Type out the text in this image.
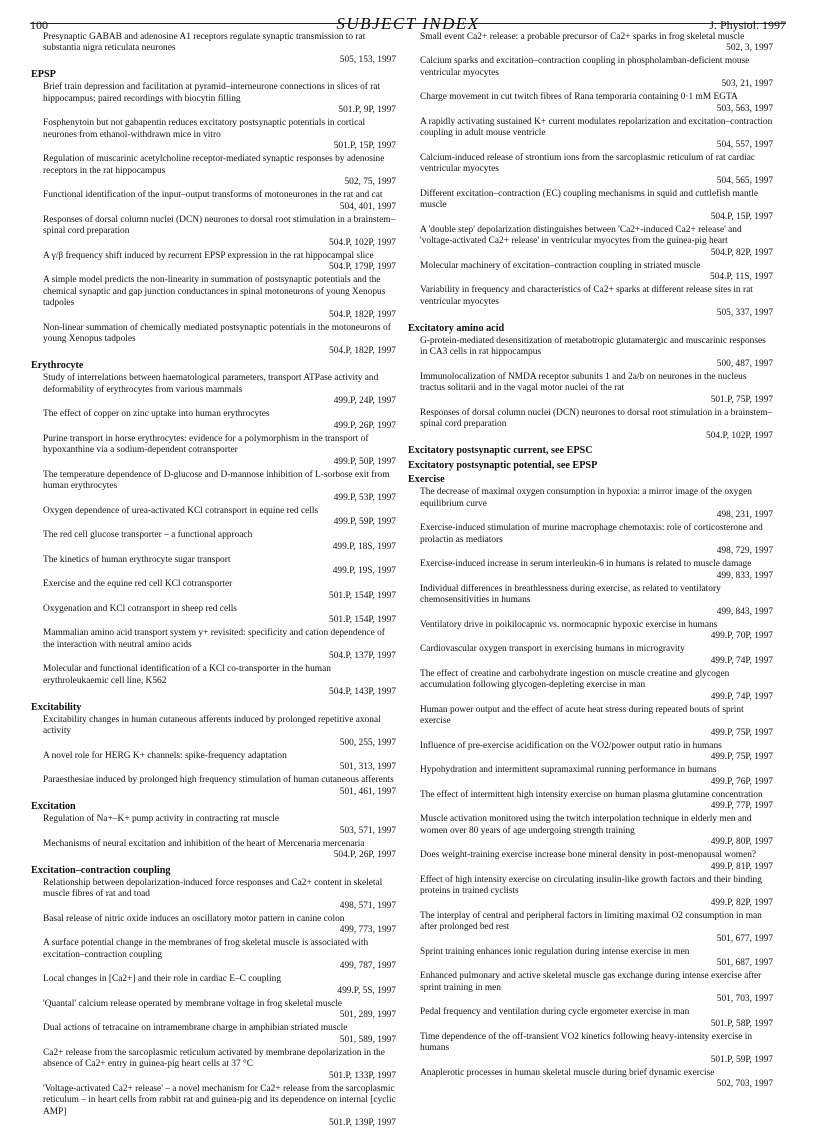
100	SUBJECT INDEX	J. Physiol. 1997
Presynaptic GABAB and adenosine A1 receptors regulate synaptic transmission to rat substantia nigra reticulata neurones
505, 153, 1997
EPSP
Brief train depression and facilitation at pyramid–interneurone connections in slices of rat hippocampus; paired recordings with biocytin filling
501.P, 9P, 1997
Fosphenytoin but not gabapentin reduces excitatory postsynaptic potentials in cortical neurones from ethanol-withdrawn mice in vitro
501.P, 15P, 1997
Regulation of muscarinic acetylcholine receptor-mediated synaptic responses by adenosine receptors in the rat hippocampus
502, 75, 1997
Functional identification of the input–output transforms of motoneurones in the rat and cat
504, 401, 1997
Responses of dorsal column nuclei (DCN) neurones to dorsal root stimulation in a brainstem–spinal cord preparation
504.P, 102P, 1997
A γ/β frequency shift induced by recurrent EPSP expression in the rat hippocampal slice
504.P, 179P, 1997
A simple model predicts the non-linearity in summation of postsynaptic potentials and the chemical synaptic and gap junction conductances in spinal motoneurons of young Xenopus tadpoles
504.P, 182P, 1997
Non-linear summation of chemically mediated postsynaptic potentials in the motoneurons of young Xenopus tadpoles
504.P, 182P, 1997
Erythrocyte
Study of interrelations between haematological parameters, transport ATPase activity and deformability of erythrocytes from various mammals
499.P, 24P, 1997
The effect of copper on zinc uptake into human erythrocytes
499.P, 26P, 1997
Purine transport in horse erythrocytes: evidence for a polymorphism in the transport of hypoxanthine via a sodium-dependent cotransporter
499.P, 50P, 1997
The temperature dependence of D-glucose and D-mannose inhibition of L-sorbose exit from human erythrocytes
499.P, 53P, 1997
Oxygen dependence of urea-activated KCl cotransport in equine red cells
499.P, 59P, 1997
The red cell glucose transporter – a functional approach
499.P, 18S, 1997
The kinetics of human erythrocyte sugar transport
499.P, 19S, 1997
Exercise and the equine red cell KCl cotransporter
501.P, 154P, 1997
Oxygenation and KCl cotransport in sheep red cells
501.P, 154P, 1997
Mammalian amino acid transport system y+ revisited: specificity and cation dependence of the interaction with neutral amino acids
504.P, 137P, 1997
Molecular and functional identification of a KCl co-transporter in the human erythroleukaemic cell line, K562
504.P, 143P, 1997
Excitability
Excitability changes in human cutaneous afferents induced by prolonged repetitive axonal activity
500, 255, 1997
A novel role for HERG K+ channels: spike-frequency adaptation
501, 313, 1997
Paraesthesiae induced by prolonged high frequency stimulation of human cutaneous afferents
501, 461, 1997
Excitation
Regulation of Na+–K+ pump activity in contracting rat muscle
503, 571, 1997
Mechanisms of neural excitation and inhibition of the heart of Mercenaria mercenaria
504.P, 26P, 1997
Excitation–contraction coupling
Relationship between depolarization-induced force responses and Ca2+ content in skeletal muscle fibres of rat and toad
498, 571, 1997
Basal release of nitric oxide induces an oscillatory motor pattern in canine colon
499, 773, 1997
A surface potential change in the membranes of frog skeletal muscle is associated with excitation–contraction coupling
499, 787, 1997
Local changes in [Ca2+] and their role in cardiac E–C coupling
499.P, 5S, 1997
'Quantal' calcium release operated by membrane voltage in frog skeletal muscle
501, 289, 1997
Dual actions of tetracaine on intramembrane charge in amphibian striated muscle
501, 589, 1997
Ca2+ release from the sarcoplasmic reticulum activated by membrane depolarization in the absence of Ca2+ entry in guinea-pig heart cells at 37 °C
501.P, 133P, 1997
'Voltage-activated Ca2+ release' – a novel mechanism for Ca2+ release from the sarcoplasmic reticulum – in heart cells from rabbit rat and guinea-pig and its dependence on internal [cyclic AMP]
501.P, 139P, 1997
Small event Ca2+ release: a probable precursor of Ca2+ sparks in frog skeletal muscle
502, 3, 1997
Calcium sparks and excitation–contraction coupling in phospholamban-deficient mouse ventricular myocytes
503, 21, 1997
Charge movement in cut twitch fibres of Rana temporaria containing 0·1 mM EGTA
503, 563, 1997
A rapidly activating sustained K+ current modulates repolarization and excitation–contraction coupling in adult mouse ventricle
504, 557, 1997
Calcium-induced release of strontium ions from the sarcoplasmic reticulum of rat cardiac ventricular myocytes
504, 565, 1997
Different excitation–contraction (EC) coupling mechanisms in squid and cuttlefish mantle muscle
504.P, 15P, 1997
A 'double step' depolarization distinguishes between 'Ca2+-induced Ca2+ release' and 'voltage-activated Ca2+ release' in ventricular myocytes from the guinea-pig heart
504.P, 82P, 1997
Molecular machinery of excitation–contraction coupling in striated muscle
504.P, 11S, 1997
Variability in frequency and characteristics of Ca2+ sparks at different release sites in rat ventricular myocytes
505, 337, 1997
Excitatory amino acid
G-protein-mediated desensitization of metabotropic glutamatergic and muscarinic responses in CA3 cells in rat hippocampus
500, 487, 1997
Immunolocalization of NMDA receptor subunits 1 and 2a/b on neurones in the nucleus tractus solitarii and in the vagal motor nuclei of the rat
501.P, 75P, 1997
Responses of dorsal column nuclei (DCN) neurones to dorsal root stimulation in a brainstem–spinal cord preparation
504.P, 102P, 1997
Excitatory postsynaptic current, see EPSC
Excitatory postsynaptic potential, see EPSP
Exercise
The decrease of maximal oxygen consumption in hypoxia: a mirror image of the oxygen equilibrium curve
498, 231, 1997
Exercise-induced stimulation of murine macrophage chemotaxis: role of corticosterone and prolactin as mediators
498, 729, 1997
Exercise-induced increase in serum interleukin-6 in humans is related to muscle damage
499, 833, 1997
Individual differences in breathlessness during exercise, as related to ventilatory chemosensitivities in humans
499, 843, 1997
Ventilatory drive in poikilocapnic vs. normocapnic hypoxic exercise in humans
499.P, 70P, 1997
Cardiovascular oxygen transport in exercising humans in microgravity
499.P, 74P, 1997
The effect of creatine and carbohydrate ingestion on muscle creatine and glycogen accumulation following glycogen-depleting exercise in man
499.P, 74P, 1997
Human power output and the effect of acute heat stress during repeated bouts of sprint exercise
499.P, 75P, 1997
Influence of pre-exercise acidification on the VO2/power output ratio in humans
499.P, 75P, 1997
Hypohydration and intermittent supramaximal running performance in humans
499.P, 76P, 1997
The effect of intermittent high intensity exercise on human plasma glutamine concentration
499.P, 77P, 1997
Muscle activation monitored using the twitch interpolation technique in elderly men and women over 80 years of age undergoing strength training
499.P, 80P, 1997
Does weight-training exercise increase bone mineral density in post-menopausal women?
499.P, 81P, 1997
Effect of high intensity exercise on circulating insulin-like growth factors and their binding proteins in trained cyclists
499.P, 82P, 1997
The interplay of central and peripheral factors in limiting maximal O2 consumption in man after prolonged bed rest
501, 677, 1997
Sprint training enhances ionic regulation during intense exercise in men
501, 687, 1997
Enhanced pulmonary and active skeletal muscle gas exchange during intense exercise after sprint training in men
501, 703, 1997
Pedal frequency and ventilation during cycle ergometer exercise in man
501.P, 58P, 1997
Time dependence of the off-transient VO2 kinetics following heavy-intensity exercise in humans
501.P, 59P, 1997
Anaplerotic processes in human skeletal muscle during brief dynamic exercise
502, 703, 1997
